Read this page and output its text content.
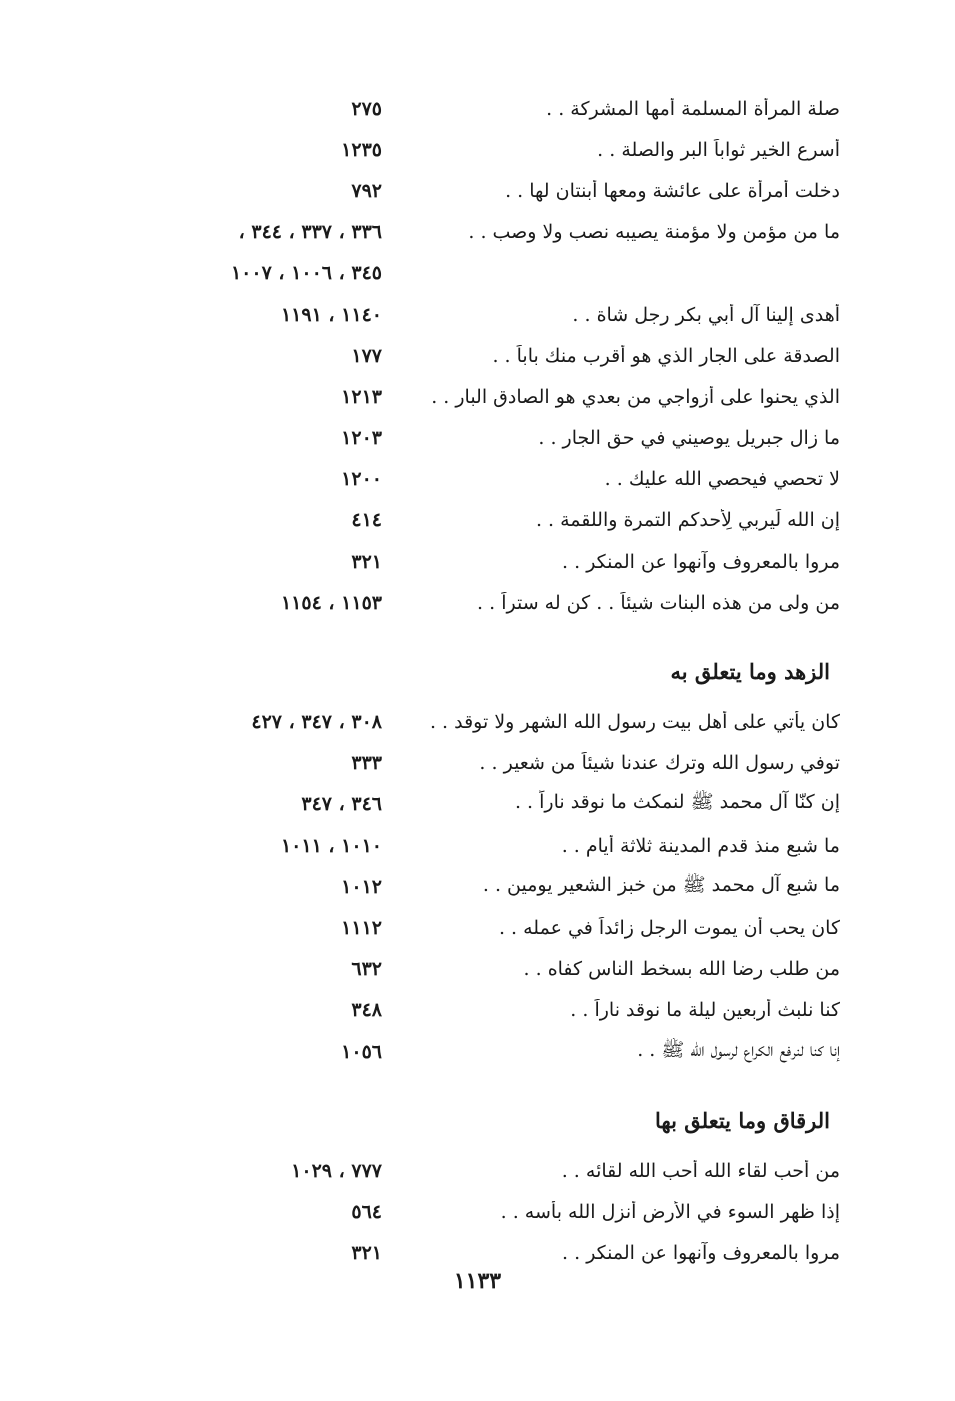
صلة المرأة المسلمة أمها المشركة . .
٢٧٥
أسرع الخير ثواباً البر والصلة . .
١٢٣٥
دخلت أمرأة على عائشة ومعها أبنتان لها . .
٧٩٢
ما من مؤمن ولا مؤمنة يصيبه نصب ولا وصب . .
٣٣٦ ، ٣٣٧ ، ٣٤٤ ،
٣٤٥ ، ١٠٠٦ ، ١٠٠٧
أهدى إلينا آل أبي بكر رجل شاة . .
١١٤٠ ، ١١٩١
الصدقة على الجار الذي هو أقرب منك باباً . .
١٧٧
الذي يحنوا على أزواجي من بعدي هو الصادق البار . .
١٢١٣
ما زال جبريل يوصيني في حق الجار . .
١٢٠٣
لا تحصي فيحصي الله عليك . .
١٢٠٠
إن الله لَيربي لِأحدكم التمرة واللقمة . .
٤١٤
مروا بالمعروف وآنهوا عن المنكر . .
٣٢١
من ولى من هذه البنات شيئاً . . كن له ستراً . .
١١٥٣ ، ١١٥٤
الزهد وما يتعلق به
كان يأتي على أهل بيت رسول الله الشهر ولا توقد . .
٣٠٨ ، ٣٤٧ ، ٤٢٧
توفي رسول الله وترك عندنا شيئاً من شعير . .
٣٣٣
إن كنّا آل محمد ﷺ لنمكث ما نوقد ناراً . .
٣٤٦ ، ٣٤٧
ما شبع منذ قدم المدينة ثلاثة أيام . .
١٠١٠ ، ١٠١١
ما شبع آل محمد ﷺ من خبز الشعير يومين . .
١٠١٢
كان يحب أن يموت الرجل زائداً في عمله . .
١١١٢
من طلب رضا الله بسخط الناس كفاه . .
٦٣٢
كنا نلبث أربعين ليلة ما نوقد ناراً . .
٣٤٨
إنا كنا لنرفع الكراع لرسول الله ﷺ . .
١٠٥٦
الرقاق وما يتعلق بها
من أحب لقاء الله أحب الله لقائه . .
٧٧٧ ، ١٠٢٩
إذا ظهر السوء في الأرض أنزل الله بأسه . .
٥٦٤
مروا بالمعروف وآنهوا عن المنكر . .
٣٢١
١١٣٣
